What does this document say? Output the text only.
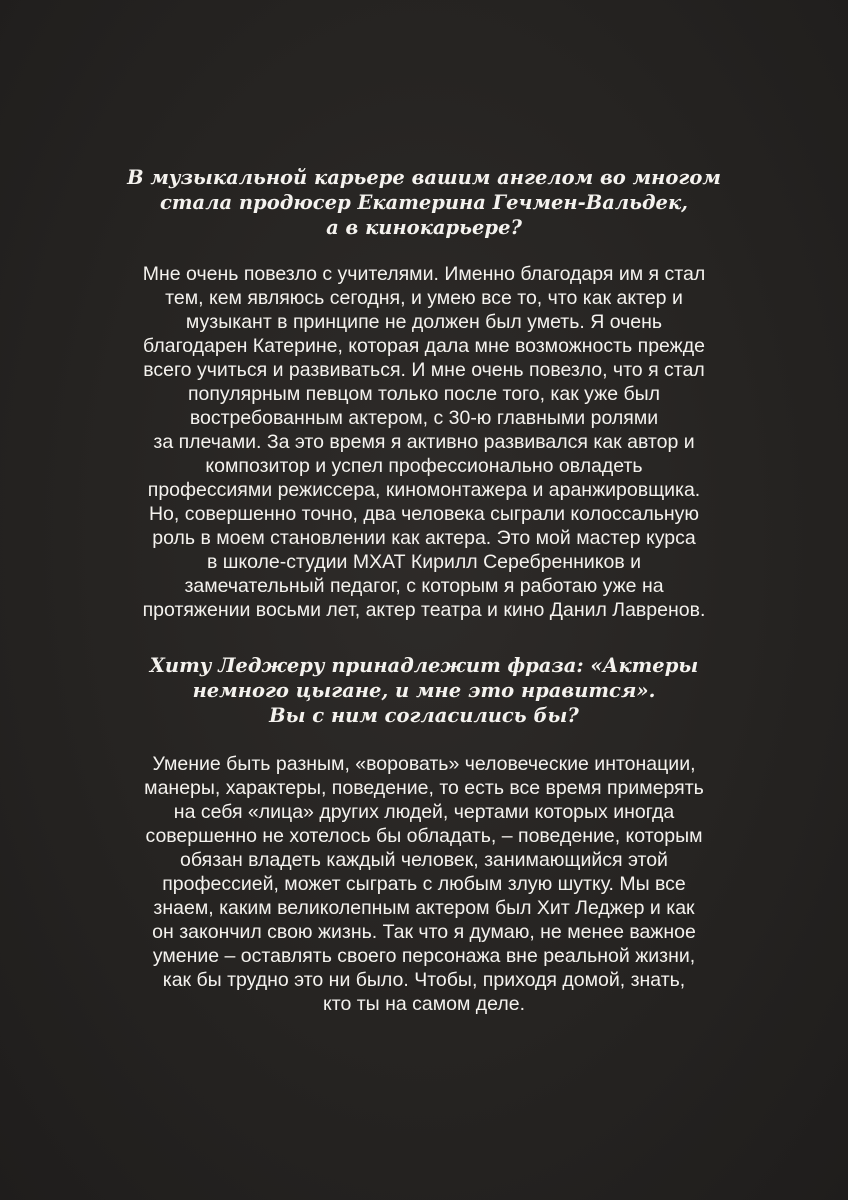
В музыкальной карьере вашим ангелом во многом
стала продюсер Екатерина Гечмен-Вальдек,
а в кинокарьере?
Мне очень повезло с учителями. Именно благодаря им я стал
тем, кем являюсь сегодня, и умею все то, что как актер и
музыкант в принципе не должен был уметь. Я очень
благодарен Катерине, которая дала мне возможность прежде
всего учиться и развиваться. И мне очень повезло, что я стал
популярным певцом только после того, как уже был
востребованным актером, с 30-ю главными ролями
за плечами. За это время я активно развивался как автор и
композитор и успел профессионально овладеть
профессиями режиссера, киномонтажера и аранжировщика.
Но, совершенно точно, два человека сыграли колоссальную
роль в моем становлении как актера. Это мой мастер курса
в школе-студии МХАТ Кирилл Серебренников и
замечательный педагог, с которым я работаю уже на
протяжении восьми лет, актер театра и кино Данил Лавренов.
Хиту Леджеру принадлежит фраза: «Актеры
немного цыгане, и мне это нравится».
Вы с ним согласились бы?
Умение быть разным, «воровать» человеческие интонации,
манеры, характеры, поведение, то есть все время примерять
на себя «лица» других людей, чертами которых иногда
совершенно не хотелось бы обладать, – поведение, которым
обязан владеть каждый человек, занимающийся этой
профессией, может сыграть с любым злую шутку. Мы все
знаем, каким великолепным актером был Хит Леджер и как
он закончил свою жизнь. Так что я думаю, не менее важное
умение – оставлять своего персонажа вне реальной жизни,
как бы трудно это ни было. Чтобы, приходя домой, знать,
кто ты на самом деле.
